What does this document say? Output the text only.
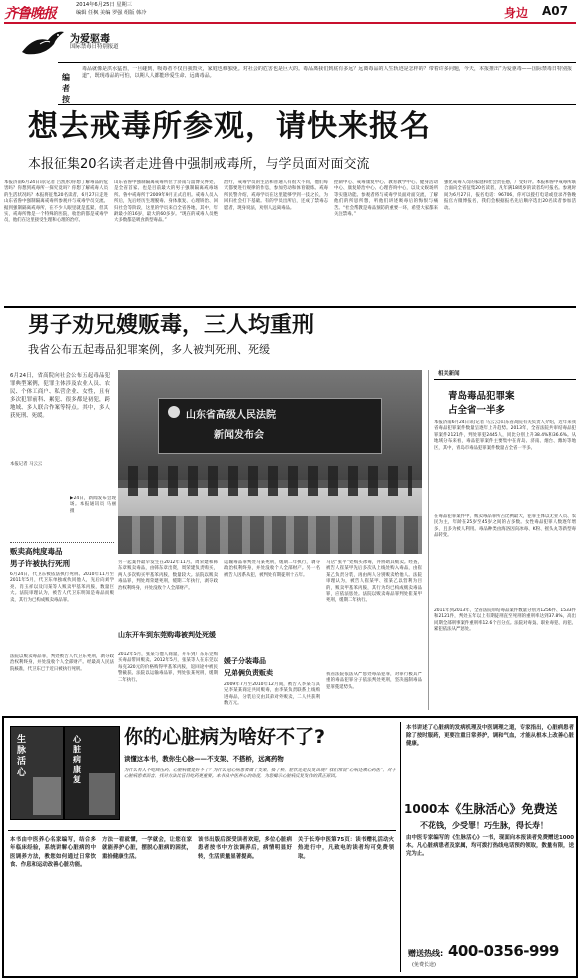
齐鲁晚报
2014年6月25日 星期三
编辑 任枫 美编 罗强 组版 韩冷	身边 A07
为爱驱毒
国际禁毒日特别报道
编者按
毒品就像是洪水猛兽，一旦碰到，吸毒者不仅自我毁灭，家庭也难独免。对社会的危害也是巨大的。毒品离我们到底有多远？远离毒品的人生轨迹是怎样的？带着许多问题，今天，本报推出“为爱驱毒——国际禁毒日特别报道”，既现毒品的可怕，以期人人都能珍爱生命、远离毒品。
想去戒毒所参观，请快来报名
本报征集20名读者走进鲁中强制戒毒所，与学员面对面交流
本报济南6月24日讯(记者 吕凯彤)你想了解毒品的危害吗？你想到戒毒所一探究竟吗？你想了解戒毒人员的生活状况吗？本报将征集20名读者，6月27日走进山东省鲁中强制隔离戒毒所参观并与戒毒学员交流。据到强制隔离戒毒所，在不少人眼里就是监狱，但其实，戒毒所像是一个特殊的医院，收治的都是戒毒学员，他们在这里接受生理和心理的治疗。
山东省鲁中强制隔离戒毒所位于济南与淄博交界处，是全省首家、也是目前最大的男子强制隔离戒毒场所。鲁中戒毒所于2009年9月正式启用。戒毒人员入所后，先后经历生理脱毒、身体康复、心理矫治、回归社会等阶段，这里的学员来自全省各地，其中，年龄最小的16岁，最大的60多岁。“现在的戒毒人员绝大多数都是吸食新型毒品。”
治疗，戒毒学员的生活和普通人有很大不同，他们每天都要进行规律的作息，参加劳动和体育锻炼。戒毒所民警介绍，戒毒学员在这里能够学到一技之长，为回归社会打下基础。有的学员出所后，还成了禁毒志愿者，现身说法，劝别人远离毒品。
控制中心、戒毒康复中心、教育教学中心、健身活动中心、康复矫治中心、心理咨询中心，以及文娱场所等实施功能。参观者将与戒毒学员面对面交流，了解他们的所思所想，听他们讲述吸毒后的悔恨与痛苦。“社会帮教是毒品预防的重要一环，希望大家都来关注禁毒。”
强化戒毒人员的家庭和社会责任感，广受好评。本报和鲁中戒毒所联合面向全省征集20名读者，凡年满18周岁的读者均可报名。参观时间为6月27日，报名电话：96706，你可以拨打电话或登录齐鲁晚报官方微博报名，我们会根据报名先后顺序选出20名读者参加活动。
男子劝兄嫂贩毒，三人均重刑
我省公布五起毒品犯罪案例，多人被判死刑、死缓
6月24日，省高院向社会公布五起毒品犯罪典型案例，犯罪主体涉及农业人员、农民、个体工商户、私营企业、女性，且有多次犯罪前科、累犯、很多都是初犯，跨地域、多人联合作案等特点。其中，多人获死刑、死缓。
本报记者 马云云
山东省高级人民法院
新闻发布会
▶24日，新闻发布会现场。本报通讯员 马丽 摄
贩卖高纯度毒品
男子许被执行死刑
6月24日，代卫东被依法执行死刑。2010年11月至2011年5月，代卫东单独或伙同他人，先后向刘学亮、肖玉祥以及闫某等人贩卖甲基苯丙胺，数量巨大。法院审理认为，被告人代卫东明知是毒品而贩卖，其行为已构成贩卖毒品罪。
法院以贩卖毒品罪，判处被告人代卫东死刑，剥夺政治权利终身，并处没收个人全部财产。经最高人民法院核准，代卫东已于近日被执行死刑。
另一起案件最早发生在2012年11月。周荣建和韩东章贩卖毒品，由韩东章出资，周荣建负责购买，两人多次购买甲基苯丙胺，数量较大。法院以贩卖毒品罪，判处周荣建死刑，缓期二年执行，剥夺政治权利终身，并处没收个人全部财产。
山东开车到东莞购毒被判处死缓
2012年5月，张某与他人商量，开车到广东东莞购买毒品带回贩卖。2012年5月，张某等人在东莞以每克320元的价格购得甲基苯丙胺，返回途中被民警截获。法院以运输毒品罪，判处张某死刑，缓期二年执行。
运输毒品罪判处马某死刑，缓期二年执行，剥夺政治权利终身，并处没收个人全部财产。另一名被告人因系从犯，被判处有期徒刑十五年。
媛子分装毒品
兄弟俩负责贩卖
2009年7月至2010年12月间，被告人李某与其兄李某某商定共同贩毒，由李某负责联系上线购进毒品，分装后交由其弟对外贩卖，二人共获利数万元。
马店“张平”处购买冰毒，并协助其贩卖。经查，被告人崔某甲先后多次从上线处购入毒品，由崔某乙负责分装，再由两人分别贩卖给他人。法院审理认为，被告人崔某甲、崔某乙以营利为目的，贩卖甲基苯丙胺，其行为均已构成贩卖毒品罪，应依法惩处。法院以贩卖毒品罪判处崔某甲死刑，缓期二年执行。
我省法院依法从严惩处毒品犯罪，对罪行极其严重的毒品犯罪分子依法判处死刑，坚决遏制毒品犯罪蔓延势头。
相关新闻
青岛毒品犯罪案
占全省一半多
本报济南6月24日讯(记者 马云云)山东省高院有关负责人介绍，近年来我省毒品犯罪案件数量呈逐年上升趋势。2013年，全省法院共审结毒品犯罪案件2121件，判处罪犯2445人，同比分别上升38.4%和36.6%。从地域分布来看，毒品犯罪案件主要集中在青岛、济南、烟台、潍坊等地区，其中，青岛市毒品犯罪案件数量占全省一半多。
在毒品犯罪案件中，贩卖毒品罪所占比例最大，犯罪主体以无业人员、农民为主，年龄在25岁至45岁之间的占多数。女性毒品犯罪人数逐年增多，且多为被人利用。毒品种类由海洛因向冰毒、K粉、摇头丸等新型毒品转变。
2011年到2013年，全省法院审结毒品案件数量分别为1256件、1533件和2121件，判处五年以上有期徒刑直至死刑的重刑率达到37.8%，高出同期全部刑事案件重刑率12.6个百分点。法院对毒枭、职业毒犯、再犯、累犯依法从严惩处。
生脉活心
心脏病康复
你的心脏病为啥好不了?
读懂这本书，教你生心脉——不支架、不搭桥，远离药物
为什么有人不吃降压药，心脏病就是好不了？为什么冠心病患者做了支架，搭了桥，症状还是反复出现？我们常说“心病还须心药医”，对于心脏病患者而言，找对方法比盲目吃药更重要。本书从中医养心的角度，为您揭示心脏病反复发作的真正原因。
本书由中医养心名家编写，结合多年临床经验，系统讲解心脏病的中医调养方法，教您如何通过日常饮食、作息和运动改善心脏功能。
方法一看就懂，一学就会，让您在家就能养护心脏，摆脱心脏病的困扰，重拾健康生活。
该书出版后深受读者欢迎，多位心脏病患者按书中方法调养后，病情明显好转，生活质量显著提高。
关于长寿中医第75页：读书赠礼活动火热进行中，凡致电的读者均可免费领取。
本书讲述了心脏病的发病机理及中医调理之道，专家指出，心脏病患者除了按时服药，更要注重日常养护，调和气血，才能从根本上改善心脏健康。
1000本《生脉活心》免费送
不花钱，少受罪！巧生脉，得长寿！
由中医专家编写的《生脉活心》一书，现面向本报读者免费赠送1000本。凡心脏病患者及家属，均可拨打热线电话预约领取，数量有限，送完为止。
赠送热线: 400-0356-999
(免费长途)
